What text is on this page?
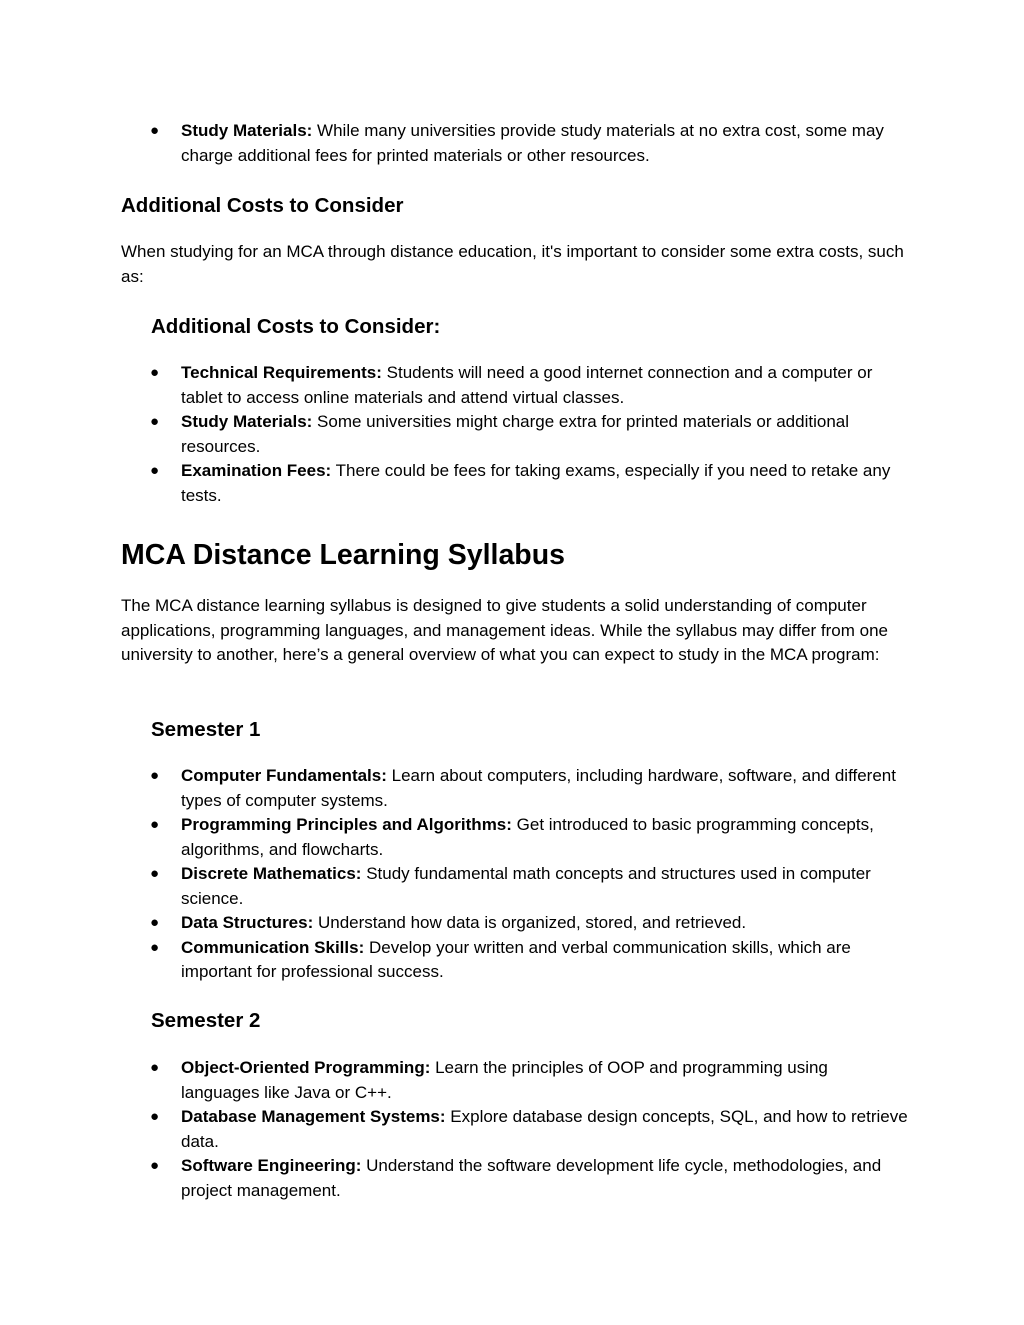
● Study Materials: While many universities provide study materials at no extra cost, some may charge additional fees for printed materials or other resources.
Additional Costs to Consider

When studying for an MCA through distance education, it's important to consider some extra costs, such as:

Additional Costs to Consider:
● Technical Requirements: Students will need a good internet connection and a computer or tablet to access online materials and attend virtual classes.
● Study Materials: Some universities might charge extra for printed materials or additional resources.
● Examination Fees: There could be fees for taking exams, especially if you need to retake any tests.
MCA Distance Learning Syllabus

The MCA distance learning syllabus is designed to give students a solid understanding of computer applications, programming languages, and management ideas. While the syllabus may differ from one university to another, here’s a general overview of what you can expect to study in the MCA program:

Semester 1
● Computer Fundamentals: Learn about computers, including hardware, software, and different types of computer systems.
● Programming Principles and Algorithms: Get introduced to basic programming concepts, algorithms, and flowcharts.
● Discrete Mathematics: Study fundamental math concepts and structures used in computer science.
● Data Structures: Understand how data is organized, stored, and retrieved.
● Communication Skills: Develop your written and verbal communication skills, which are important for professional success.
Semester 2
● Object-Oriented Programming: Learn the principles of OOP and programming using languages like Java or C++.
● Database Management Systems: Explore database design concepts, SQL, and how to retrieve data.
● Software Engineering: Understand the software development life cycle, methodologies, and project management.
